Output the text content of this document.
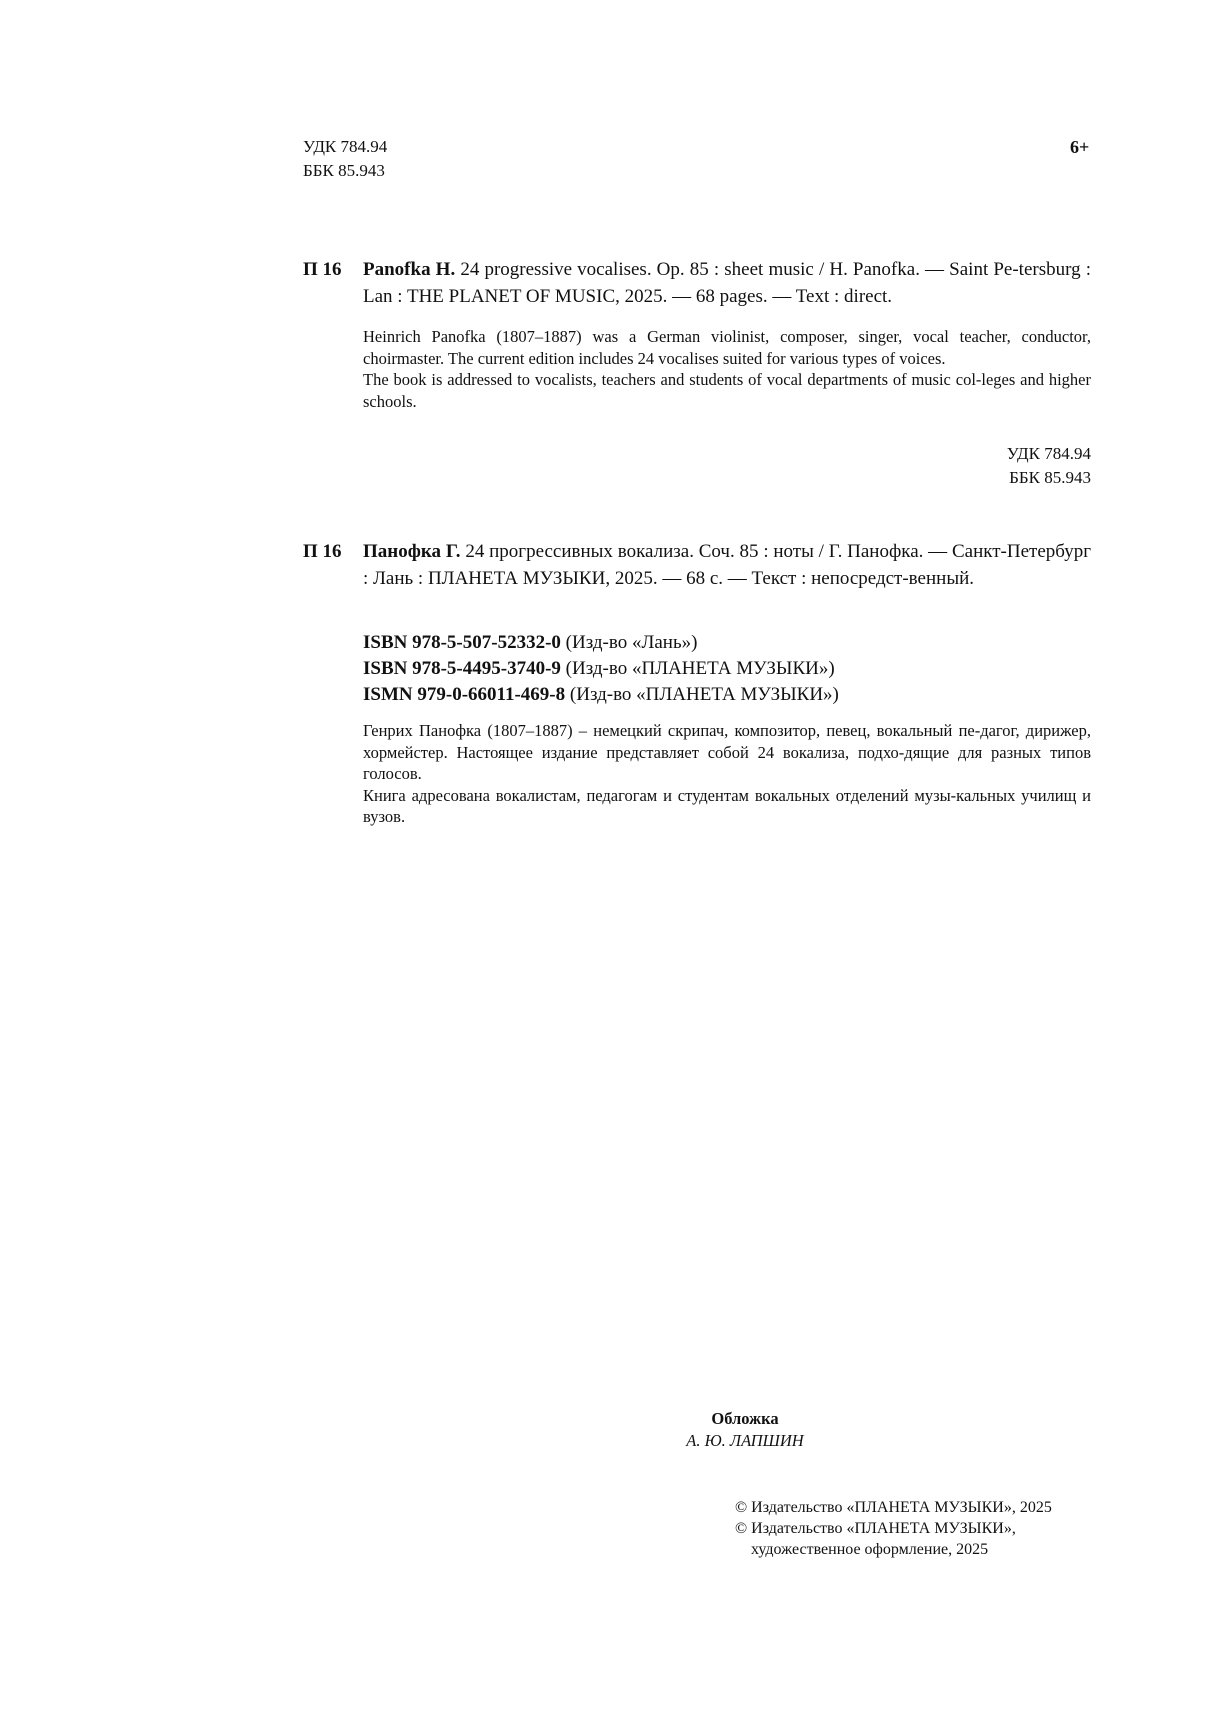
УДК 784.94
ББК 85.943
6+
П 16 Panofka H. 24 progressive vocalises. Op. 85 : sheet music / H. Panofka. — Saint Pe-tersburg : Lan : THE PLANET OF MUSIC, 2025. — 68 pages. — Text : direct.

Heinrich Panofka (1807–1887) was a German violinist, composer, singer, vocal teacher, conductor, choirmaster. The current edition includes 24 vocalises suited for various types of voices.

The book is addressed to vocalists, teachers and students of vocal departments of music col-leges and higher schools.

УДК 784.94
ББК 85.943
П 16 Панофка Г. 24 прогрессивных вокализа. Соч. 85 : ноты / Г. Панофка. — Санкт-Петербург : Лань : ПЛАНЕТА МУЗЫКИ, 2025. — 68 с. — Текст : непосредст-венный.
ISBN 978-5-507-52332-0 (Изд-во «Лань»)
ISBN 978-5-4495-3740-9 (Изд-во «ПЛАНЕТА МУЗЫКИ»)
ISMN 979-0-66011-469-8 (Изд-во «ПЛАНЕТА МУЗЫКИ»)

Генрих Панофка (1807–1887) – немецкий скрипач, композитор, певец, вокальный пе-дагог, дирижер, хормейстер. Настоящее издание представляет собой 24 вокализа, подхо-дящие для разных типов голосов.

Книга адресована вокалистам, педагогам и студентам вокальных отделений музы-кальных училищ и вузов.

Обложка
А. Ю. ЛАПШИН
© Издательство «ПЛАНЕТА МУЗЫКИ», 2025
© Издательство «ПЛАНЕТА МУЗЫКИ»,
художественное оформление, 2025
